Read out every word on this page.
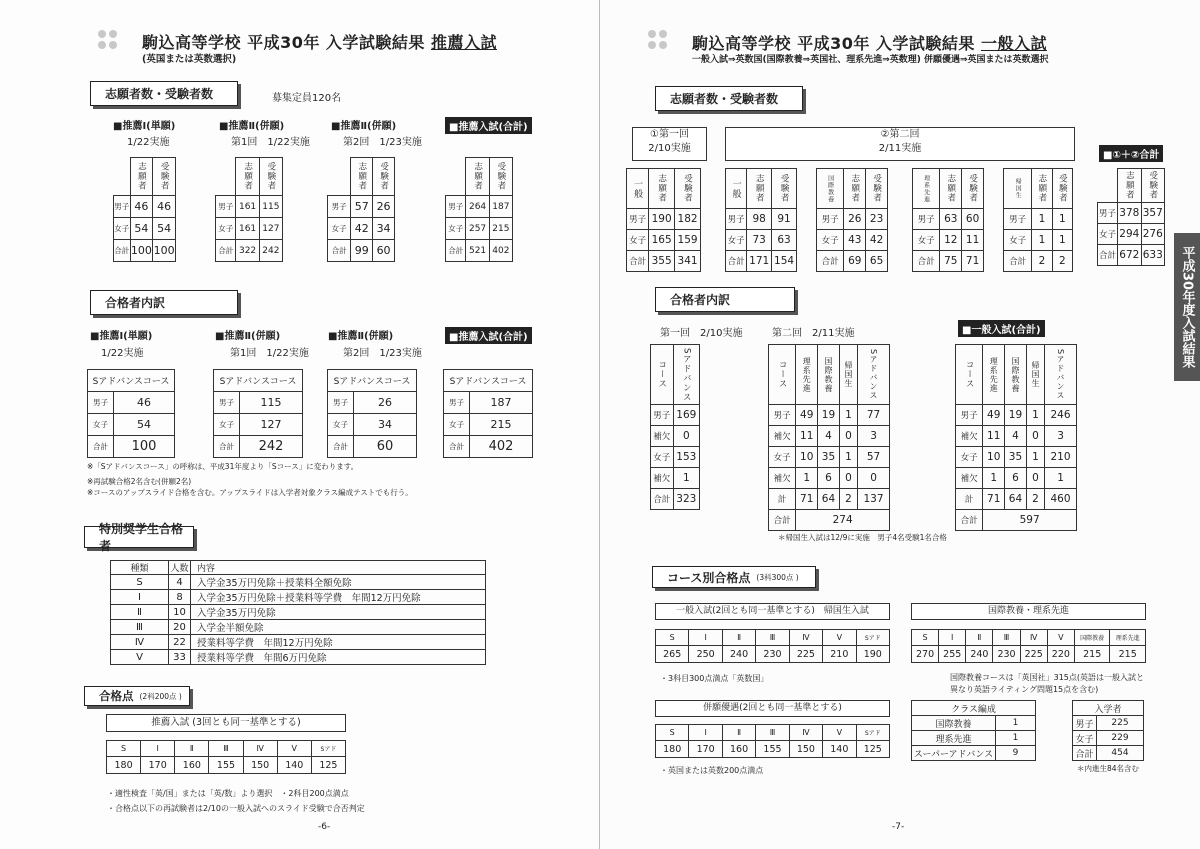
駒込高等学校 平成30年 入学試験結果 推薦入試
(英国または英数選択)
志願者数・受験者数	募集定員120名
■推薦Ⅰ(単願)
1/22実施
■推薦Ⅱ(併願)
第1回　1/22実施
■推薦Ⅱ(併願)
第2回　1/23実施
■推薦入試(合計)
	志願者	受験者
男子	46	46
女子	54	54
合計	100	100
	志願者	受験者
男子	161	115
女子	161	127
合計	322	242
	志願者	受験者
男子	57	26
女子	42	34
合計	99	60
	志願者	受験者
男子	264	187
女子	257	215
合計	521	402
合格者内訳
■推薦Ⅰ(単願)
1/22実施
■推薦Ⅱ(併願)
第1回　1/22実施
■推薦Ⅱ(併願)
第2回　1/23実施
■推薦入試(合計)
Sアドバンスコース	
男子	46
女子	54
合計	100
Sアドバンスコース	
男子	115
女子	127
合計	242
Sアドバンスコース	
男子	26
女子	34
合計	60
Sアドバンスコース	
男子	187
女子	215
合計	402
※「Sアドバンスコース」の呼称は、平成31年度より「Sコース」に変わります。
※再試験合格2名含む(併願2名)
※コースのアップスライド合格を含む。アップスライドは入学者対象クラス編成テストでも行う。
特別奨学生合格者
種類	人数	内容
S	4	入学金35万円免除＋授業料全額免除
Ⅰ	8	入学金35万円免除＋授業料等学費　年間12万円免除
Ⅱ	10	入学金35万円免除
Ⅲ	20	入学金半額免除
Ⅳ	22	授業料等学費　年間12万円免除
Ⅴ	33	授業料等学費　年間6万円免除
合格点 (2科200点 )
推薦入試 (3回とも同一基準とする)
S	Ⅰ	Ⅱ	Ⅲ	Ⅳ	Ⅴ	Sアド
180	170	160	155	150	140	125
・適性検査「英/国」または「英/数」より選択　・2科目200点満点
・合格点以下の再試験者は2/10の一般入試へのスライド受験で合否判定
-6-
駒込高等学校 平成30年 入学試験結果 一般入試
一般入試⇒英数国(国際教養⇒英国社、理系先進⇒英数理) 併願優遇⇒英国または英数選択
志願者数・受験者数
①第一回
2/10実施
②第二回
2/11実施
■①＋②合計
一般	志願者	受験者
男子	190	182
女子	165	159
合計	355	341
一般	志願者	受験者
男子	98	91
女子	73	63
合計	171	154
国際教養	志願者	受験者
男子	26	23
女子	43	42
合計	69	65
理系先進	志願者	受験者
男子	63	60
女子	12	11
合計	75	71
帰国生	志願者	受験者
男子	1	1
女子	1	1
合計	2	2
	志願者	受験者
男子	378	357
女子	294	276
合計	672	633
合格者内訳
第一回　2/10実施	第二回　2/11実施	■一般入試(合計)
コース	Sアドバンス
男子	169
補欠	0
女子	153
補欠	1
合計	323
コース	理系先進	国際教養	帰国生	Sアドバンス
男子	49	19	1	77
補欠	11	4	0	3
女子	10	35	1	57
補欠	1	6	0	0
計	71	64	2	137
合計	274			
コース	理系先進	国際教養	帰国生	Sアドバンス
男子	49	19	1	246
補欠	11	4	0	3
女子	10	35	1	210
補欠	1	6	0	1
計	71	64	2	460
合計	597			
＊帰国生入試は12/9に実施　男子4名受験1名合格
コース別合格点 (3科300点 )
一般入試(2回とも同一基準とする)　帰国生入試
S	Ⅰ	Ⅱ	Ⅲ	Ⅳ	Ⅴ	Sアド
265	250	240	230	225	210	190
国際教養・理系先進
S	Ⅰ	Ⅱ	Ⅲ	Ⅳ	Ⅴ	国際教養	理系先進
270	255	240	230	225	220	215	215
・3科目300点満点「英数国」	国際教養コースは「英国社」315点(英語は一般入試と
異なり英語ライティング問題15点を含む)
併願優遇(2回とも同一基準とする)
S	Ⅰ	Ⅱ	Ⅲ	Ⅳ	Ⅴ	Sアド
180	170	160	155	150	140	125
・英国または英数200点満点
クラス編成	
国際教養	1
理系先進	1
スーパーアドバンス	9
入学者	
男子	225
女子	229
合計	454
＊内進生84名含む
平成30年度入試結果
-7-
